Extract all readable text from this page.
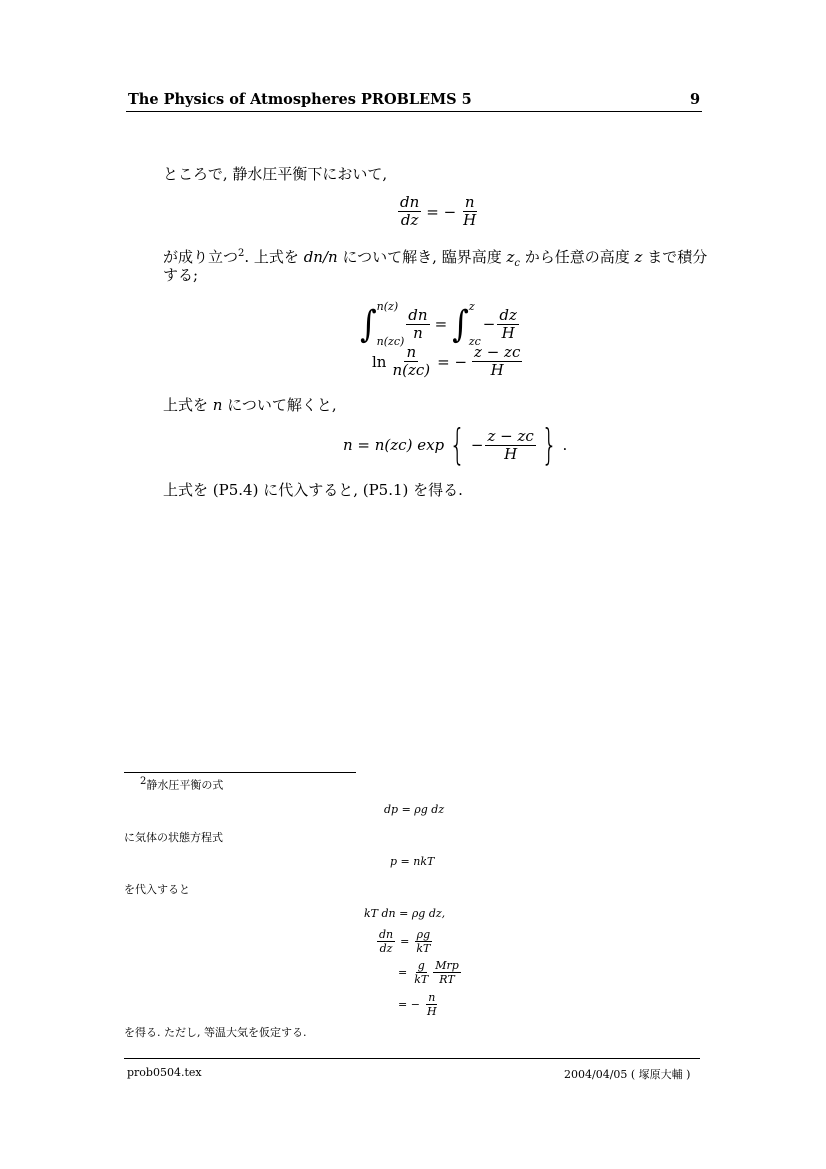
The Physics of Atmospheres PROBLEMS 5	9
ところで, 静水圧平衡下において,
$\frac{dn}{dz}$ = − $\frac{n}{H}$
が成り立つ$^2$. 上式を dn/n について解き, 臨界高度 $z_c$ から任意の高度 z まで積分
する;
∫ n(z)
$n(zc) \frac{dn}{n}$ = ∫ z
zc
− $\frac{dz}{H}$
$\ln \frac{n}{n(zc)}$ = − $\frac{z - zc}{H}$
上式を n について解くと,
n = n(zc) exp { − $\frac{z - zc}{H}$ } .
上式を (P5.4) に代入すると, (P5.1) を得る.
$^2$静水圧平衡の式
dp = ρg dz
に気体の状態方程式
p = nkT
を代入すると
kT dn = ρg dz,
$\frac{dn}{dz} = \frac{\rho g}{kT}$
= $\frac{g}{kT} \frac{\text{Mrp}}{RT}$
= − $\frac{n}{H}$
を得る. ただし, 等温大気を仮定する.
prob0504.tex	2004/04/05 ( 塚原大輔 )
